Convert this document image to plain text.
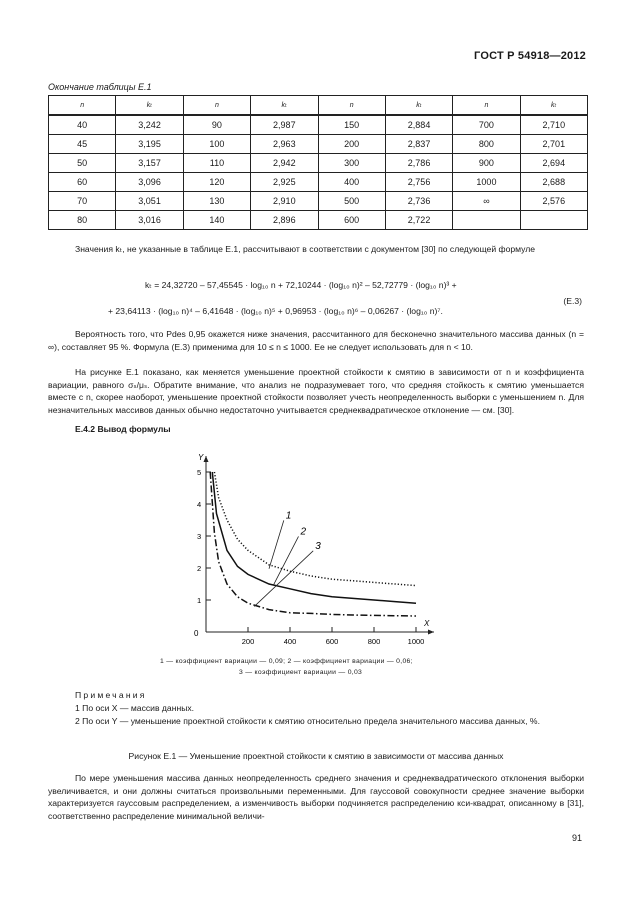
ГОСТ Р 54918—2012
Окончание таблицы Е.1
n	kₜ	n	kₜ	n	kₜ	n	kₜ
40	3,242	90	2,987	150	2,884	700	2,710
45	3,195	100	2,963	200	2,837	800	2,701
50	3,157	110	2,942	300	2,786	900	2,694
60	3,096	120	2,925	400	2,756	1000	2,688
70	3,051	130	2,910	500	2,736	∞	2,576
80	3,016	140	2,896	600	2,722		
Значения kₜ, не указанные в таблице Е.1, рассчитывают в соответствии с документом [30] по следующей формуле
kₜ = 24,32720 – 57,45545 · log₁₀ n + 72,10244 · (log₁₀ n)² – 52,72779 · (log₁₀ n)³ +
+ 23,64113 · (log₁₀ n)⁴ – 6,41648 · (log₁₀ n)⁵ + 0,96953 · (log₁₀ n)⁶ – 0,06267 · (log₁₀ n)⁷.
(Е.3)
Вероятность того, что Pdes 0,95 окажется ниже значения, рассчитанного для бесконечно значительного массива данных (n = ∞), составляет 95 %. Формула (Е.3) применима для 10 ≤ n ≤ 1000. Ее не следует использовать для n < 10.
На рисунке Е.1 показано, как меняется уменьшение проектной стойкости к смятию в зависимости от n и коэффициента вариации, равного σₛ/μₛ. Обратите внимание, что анализ не подразумевает того, что средняя стойкость к смятию уменьшается вместе с n, скорее наоборот, уменьшение проектной стойкости позволяет учесть неопределенность выборки с уменьшением n. Для незначительных массивов данных обычно недостаточно учитывается среднеквадратическое отклонение — см. [30].
Е.4.2 Вывод формулы
1
2
3
4
5
200	400	600	800	1000
Y
X
0
1
2
3
1 — коэффициент вариации — 0,09; 2 — коэффициент вариации — 0,06;
3 — коэффициент вариации — 0,03
Примечания
1 По оси X — массив данных.
2 По оси Y — уменьшение проектной стойкости к смятию относительно предела значительного массива данных, %.
Рисунок Е.1 — Уменьшение проектной стойкости к смятию в зависимости от массива данных
По мере уменьшения массива данных неопределенность среднего значения и среднеквадратического отклонения выборки увеличивается, и они должны считаться произвольными переменными. Для гауссовой совокупности среднее значение выборки характеризуется гауссовым распределением, а изменчивость выборки подчиняется распределению кси-квадрат, описанному в [31], соответственно распределение минимальной величи-
91
